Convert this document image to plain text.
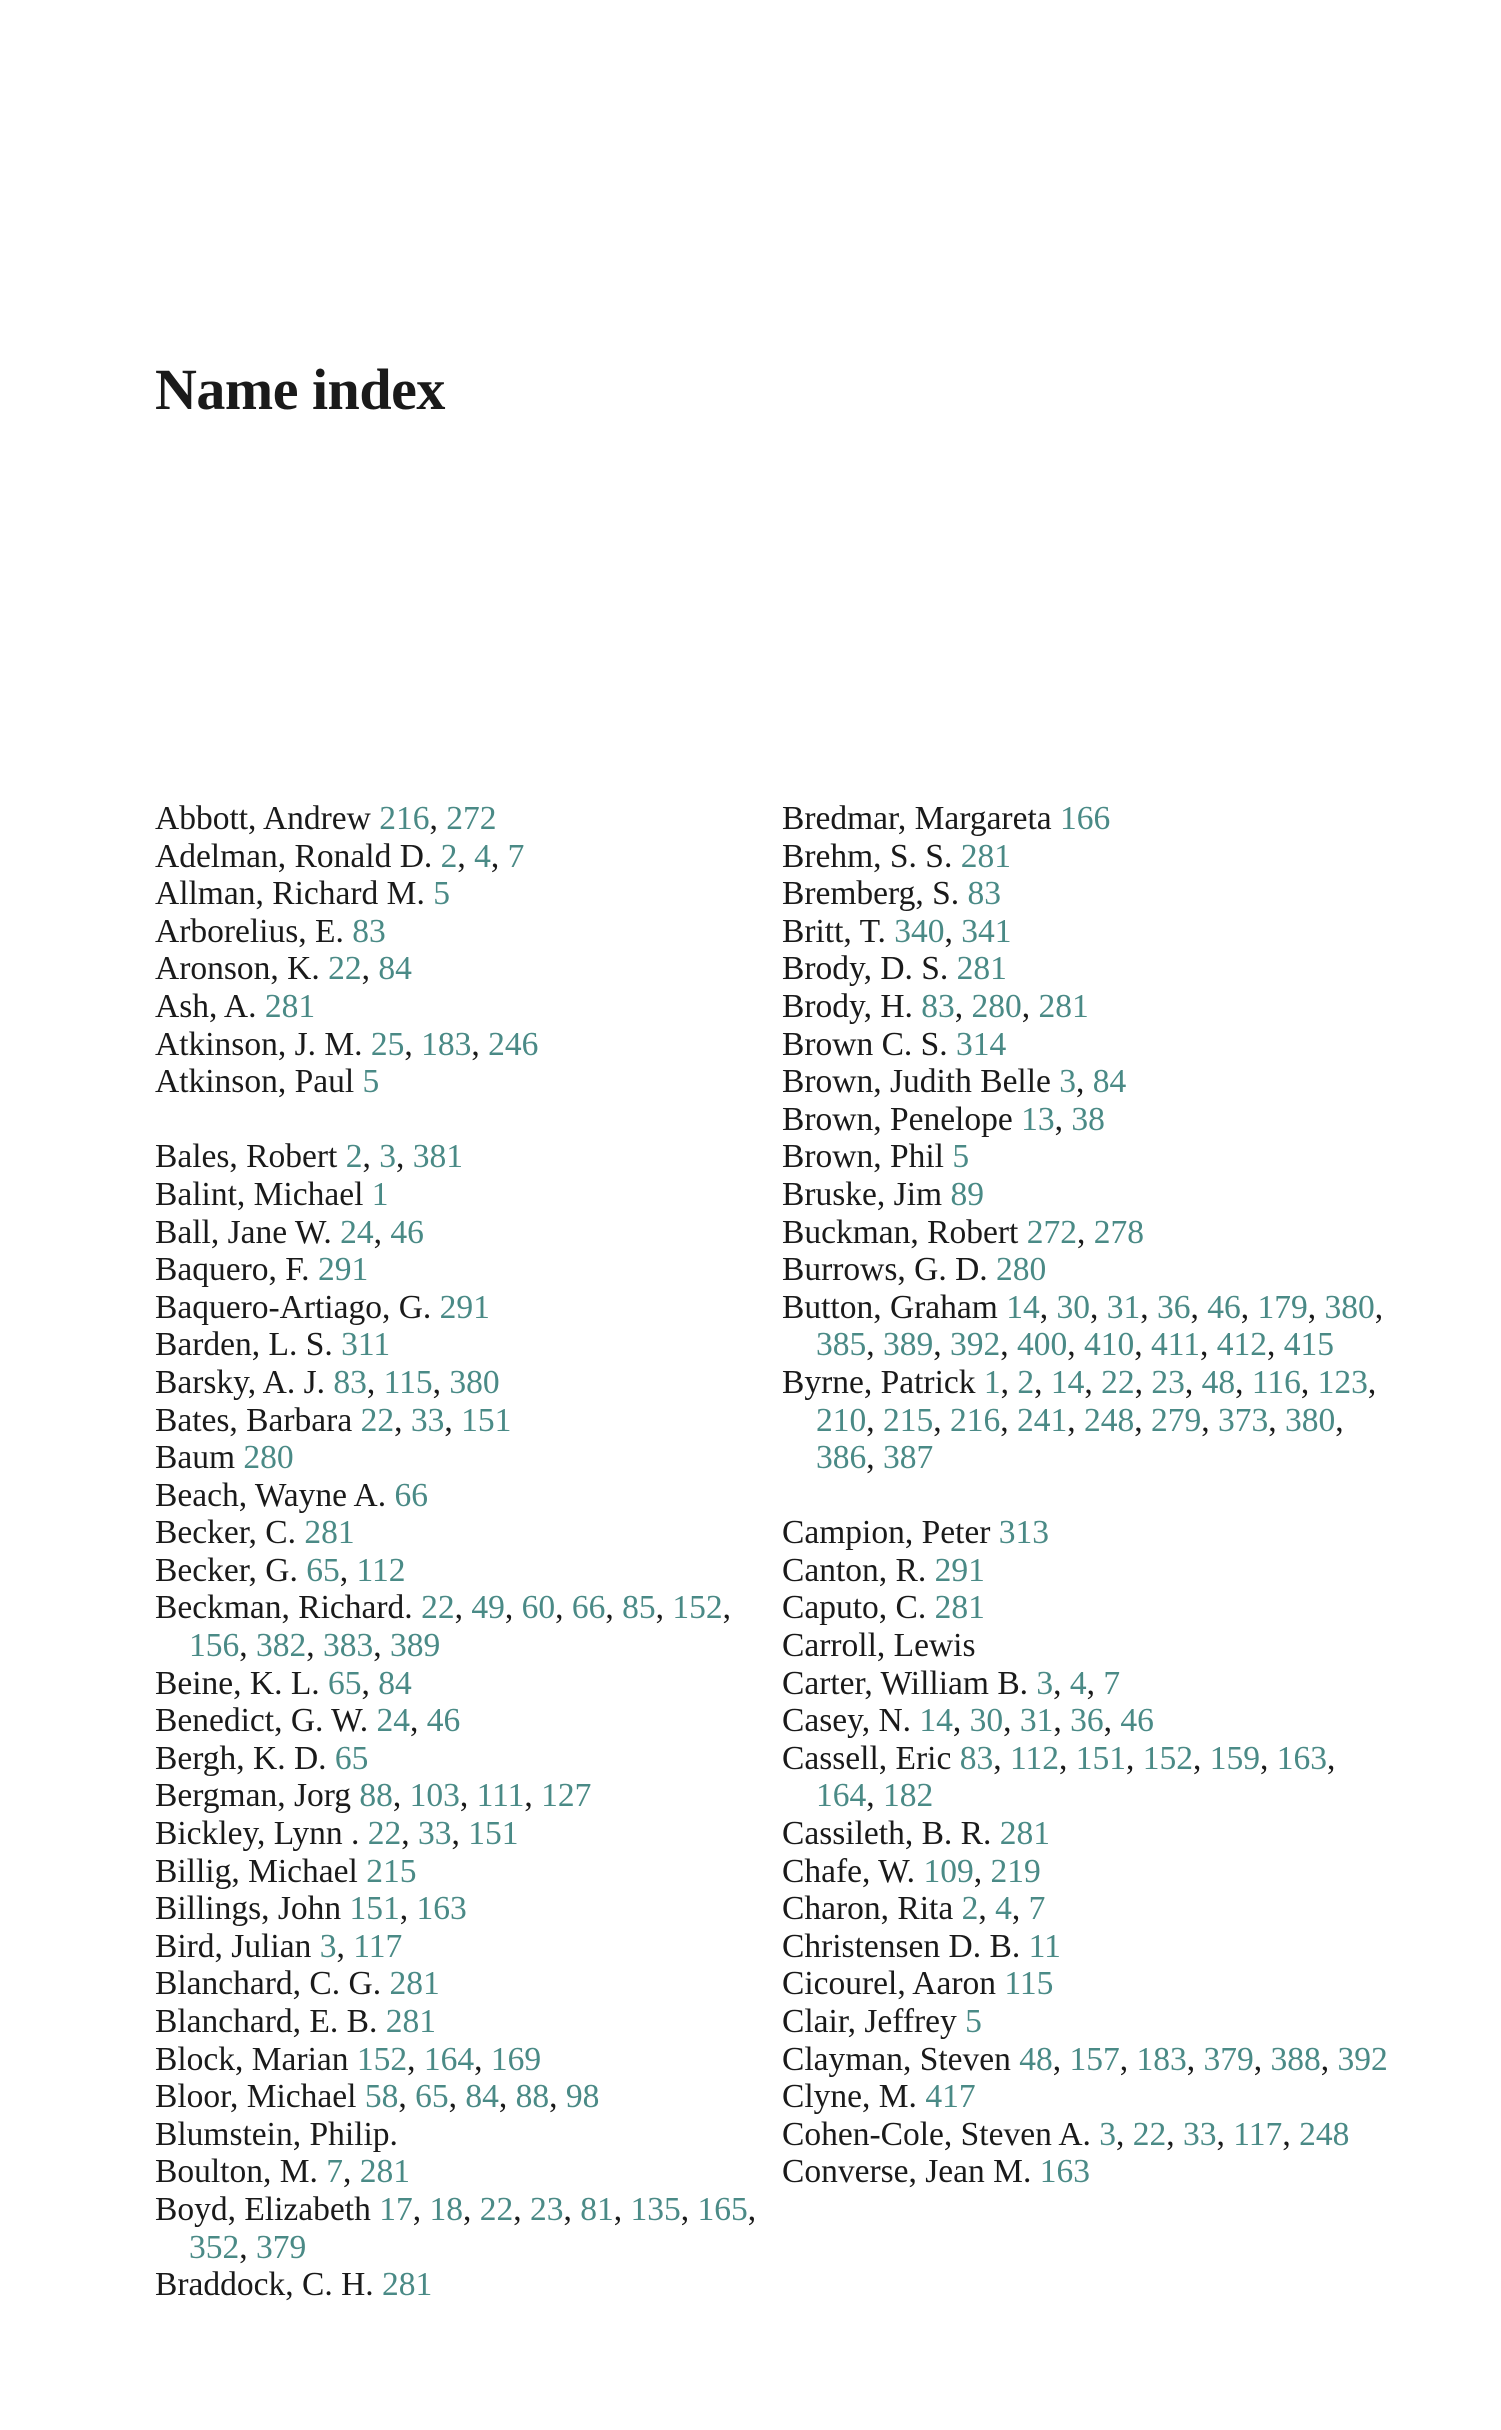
Name index
Abbott, Andrew 216, 272
Adelman, Ronald D. 2, 4, 7
Allman, Richard M. 5
Arborelius, E. 83
Aronson, K. 22, 84
Ash, A. 281
Atkinson, J. M. 25, 183, 246
Atkinson, Paul 5
Bales, Robert 2, 3, 381
Balint, Michael 1
Ball, Jane W. 24, 46
Baquero, F. 291
Baquero-Artiago, G. 291
Barden, L. S. 311
Barsky, A. J. 83, 115, 380
Bates, Barbara 22, 33, 151
Baum 280
Beach, Wayne A. 66
Becker, C. 281
Becker, G. 65, 112
Beckman, Richard. 22, 49, 60, 66, 85, 152, 156, 382, 383, 389
Beine, K. L. 65, 84
Benedict, G. W. 24, 46
Bergh, K. D. 65
Bergman, Jorg 88, 103, 111, 127
Bickley, Lynn . 22, 33, 151
Billig, Michael 215
Billings, John 151, 163
Bird, Julian 3, 117
Blanchard, C. G. 281
Blanchard, E. B. 281
Block, Marian 152, 164, 169
Bloor, Michael 58, 65, 84, 88, 98
Blumstein, Philip.
Boulton, M. 7, 281
Boyd, Elizabeth 17, 18, 22, 23, 81, 135, 165, 352, 379
Braddock, C. H. 281
Bredmar, Margareta 166
Brehm, S. S. 281
Bremberg, S. 83
Britt, T. 340, 341
Brody, D. S. 281
Brody, H. 83, 280, 281
Brown C. S. 314
Brown, Judith Belle 3, 84
Brown, Penelope 13, 38
Brown, Phil 5
Bruske, Jim 89
Buckman, Robert 272, 278
Burrows, G. D. 280
Button, Graham 14, 30, 31, 36, 46, 179, 380, 385, 389, 392, 400, 410, 411, 412, 415
Byrne, Patrick 1, 2, 14, 22, 23, 48, 116, 123, 210, 215, 216, 241, 248, 279, 373, 380, 386, 387
Campion, Peter 313
Canton, R. 291
Caputo, C. 281
Carroll, Lewis
Carter, William B. 3, 4, 7
Casey, N. 14, 30, 31, 36, 46
Cassell, Eric 83, 112, 151, 152, 159, 163, 164, 182
Cassileth, B. R. 281
Chafe, W. 109, 219
Charon, Rita 2, 4, 7
Christensen D. B. 11
Cicourel, Aaron 115
Clair, Jeffrey 5
Clayman, Steven 48, 157, 183, 379, 388, 392
Clyne, M. 417
Cohen-Cole, Steven A. 3, 22, 33, 117, 248
Converse, Jean M. 163
